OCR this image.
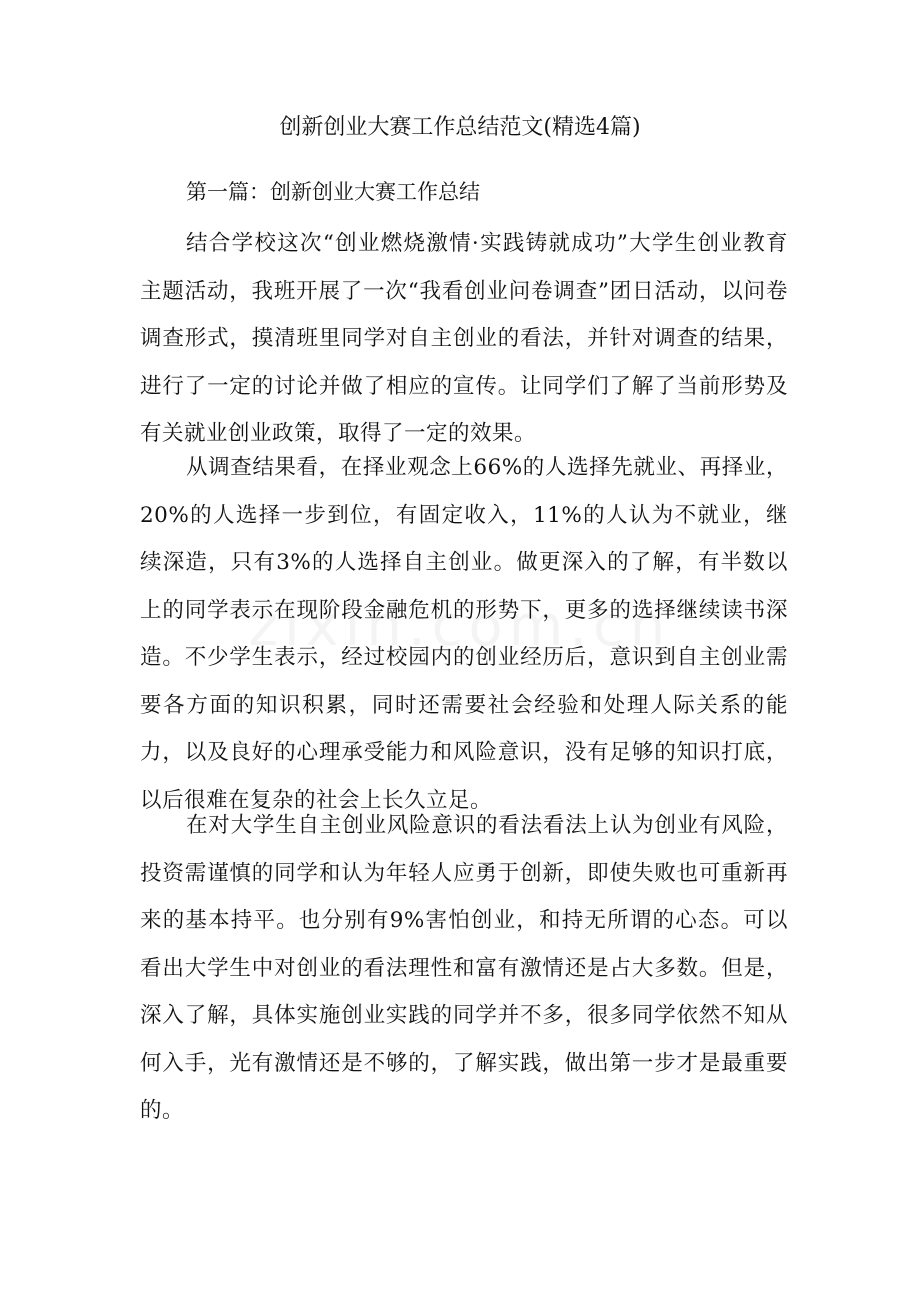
创新创业大赛工作总结范文(精选4篇)
第一篇：创新创业大赛工作总结

结合学校这次“创业燃烧激情·实践铸就成功”大学生创业教育主题活动，我班开展了一次“我看创业问卷调查”团日活动，以问卷调查形式，摸清班里同学对自主创业的看法，并针对调查的结果，进行了一定的讨论并做了相应的宣传。让同学们了解了当前形势及有关就业创业政策，取得了一定的效果。

从调查结果看，在择业观念上66%的人选择先就业、再择业，20%的人选择一步到位，有固定收入，11%的人认为不就业，继续深造，只有3%的人选择自主创业。做更深入的了解，有半数以上的同学表示在现阶段金融危机的形势下，更多的选择继续读书深造。不少学生表示，经过校园内的创业经历后，意识到自主创业需要各方面的知识积累，同时还需要社会经验和处理人际关系的能力，以及良好的心理承受能力和风险意识，没有足够的知识打底，以后很难在复杂的社会上长久立足。

在对大学生自主创业风险意识的看法看法上认为创业有风险，投资需谨慎的同学和认为年轻人应勇于创新，即使失败也可重新再来的基本持平。也分别有9%害怕创业，和持无所谓的心态。可以看出大学生中对创业的看法理性和富有激情还是占大多数。但是，深入了解，具体实施创业实践的同学并不多，很多同学依然不知从何入手，光有激情还是不够的，了解实践，做出第一步才是最重要的。
